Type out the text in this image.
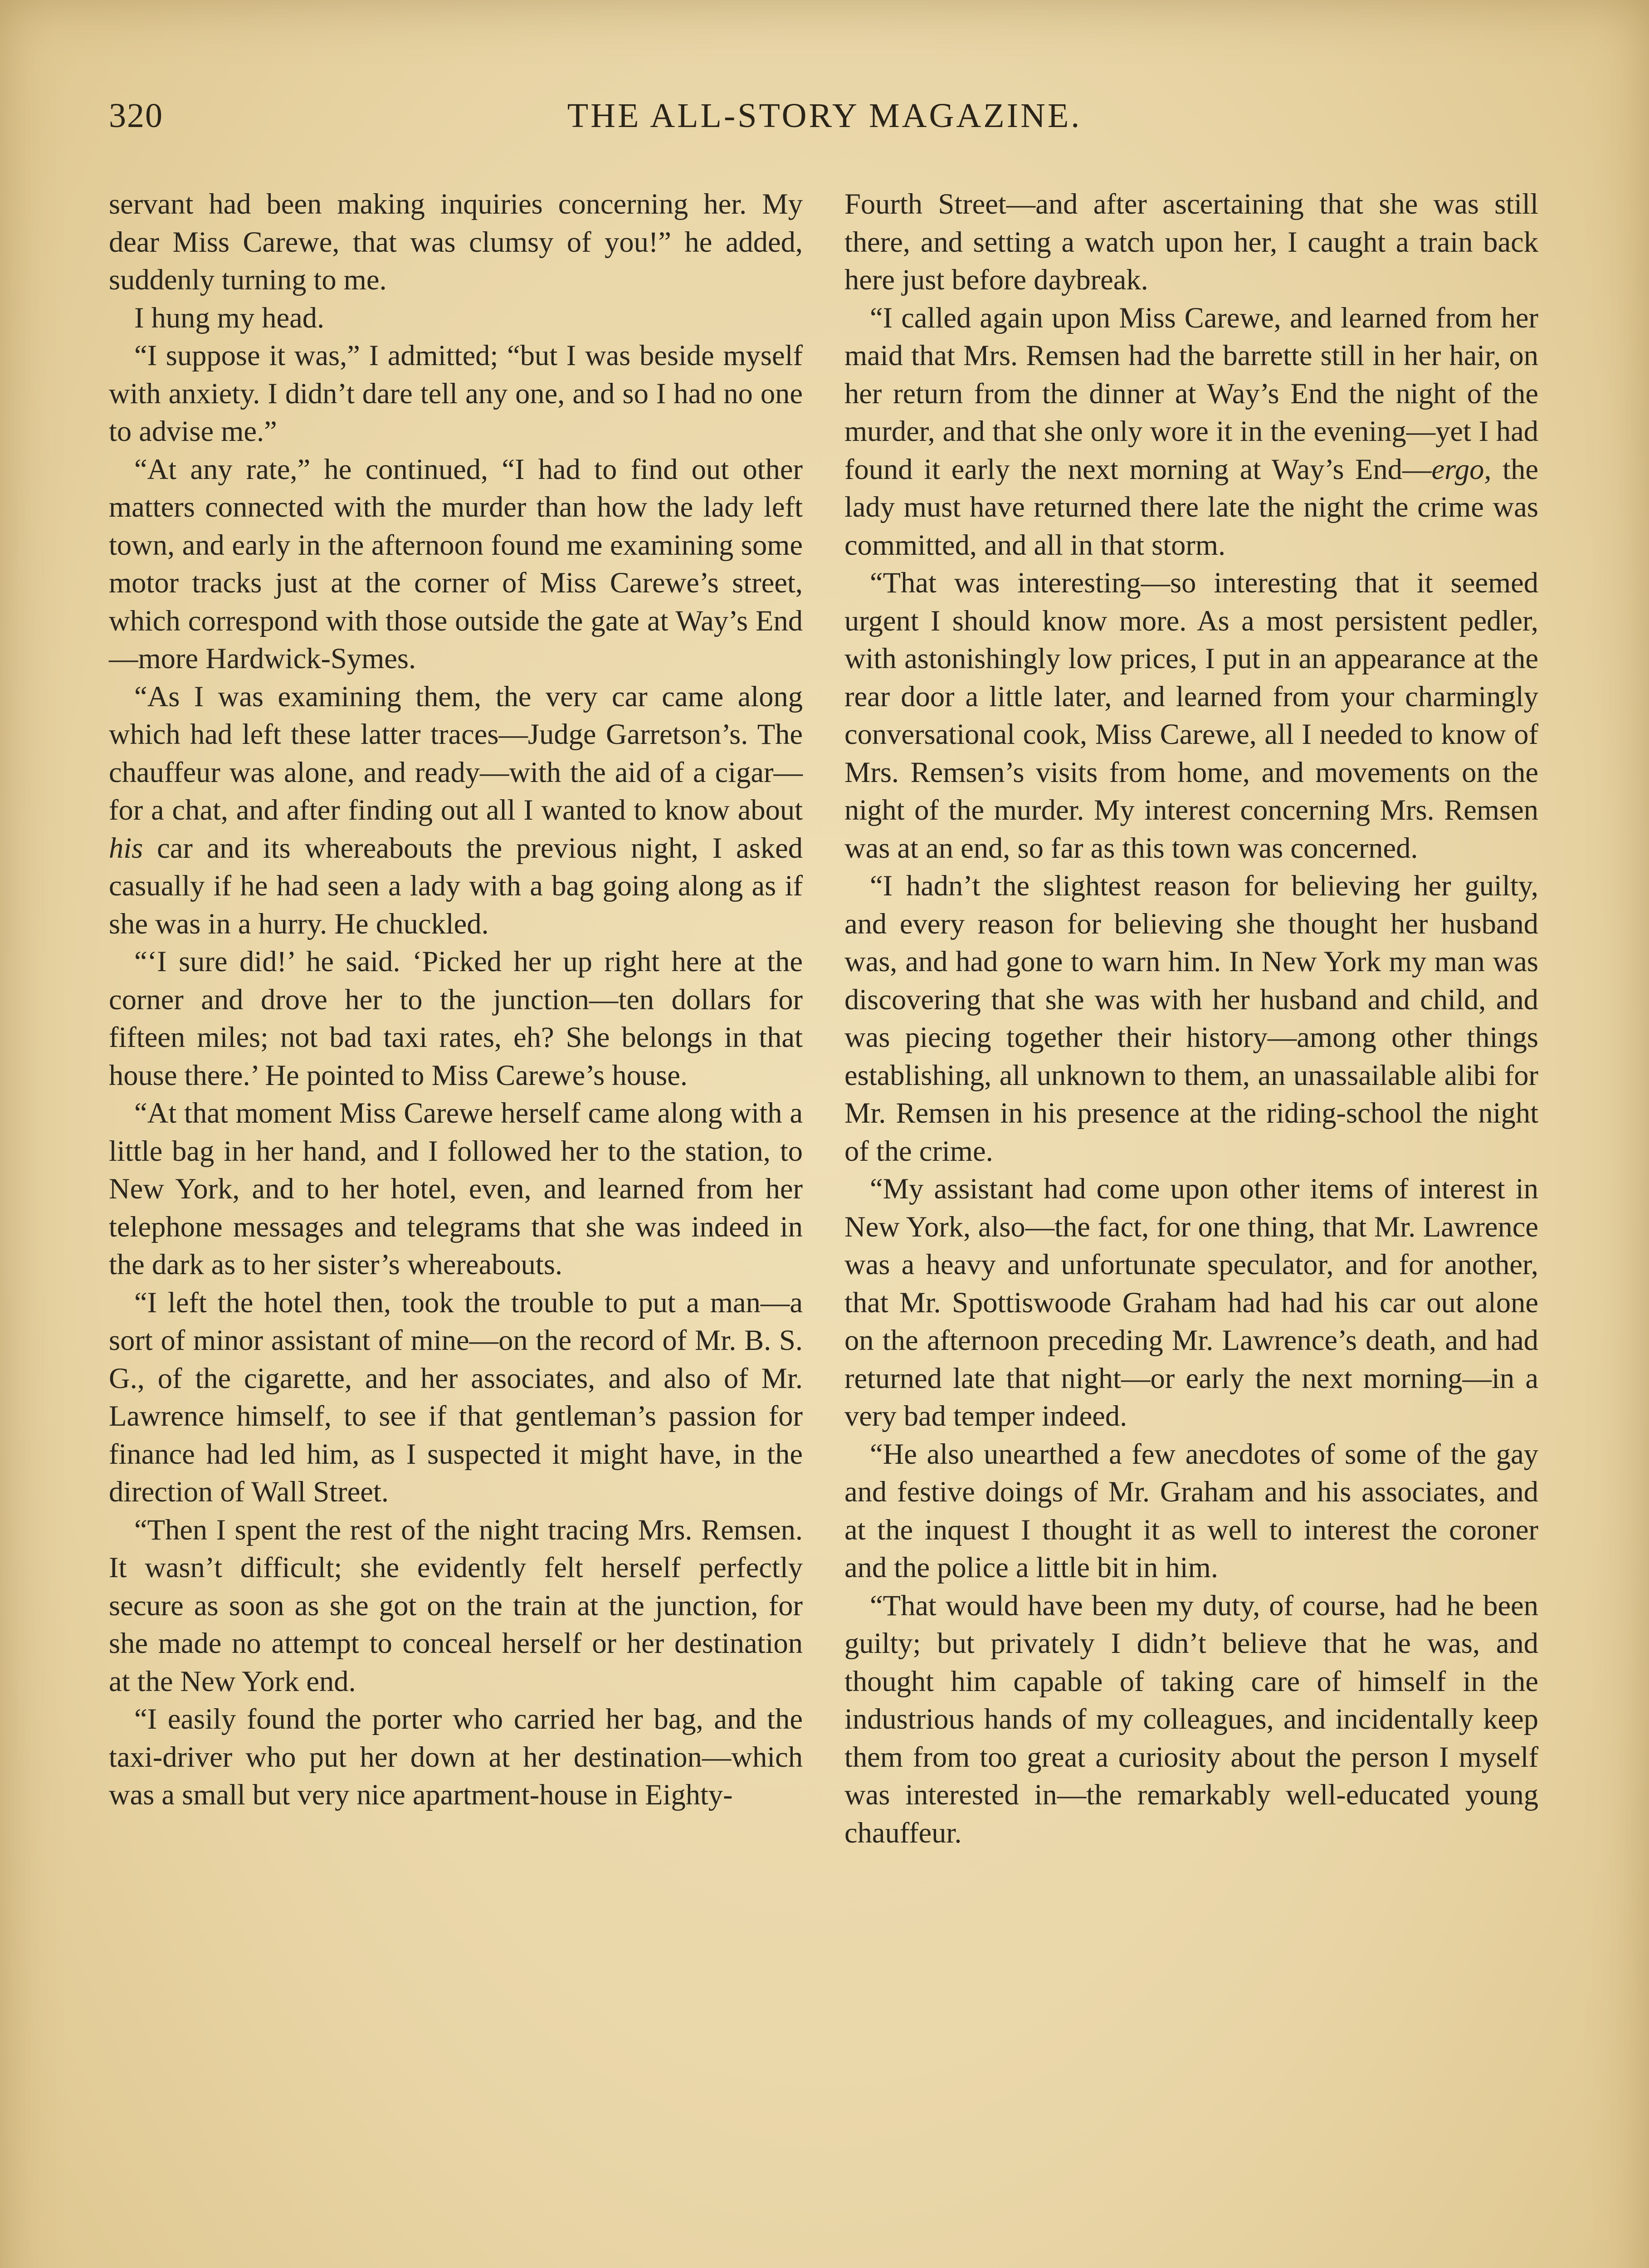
320	THE ALL-STORY MAGAZINE.

servant had been making inquiries concerning her. My dear Miss Carewe, that was clumsy of you!” he added, suddenly turning to me.

I hung my head.

“I suppose it was,” I admitted; “but I was beside myself with anxiety. I didn’t dare tell any one, and so I had no one to advise me.”

“At any rate,” he continued, “I had to find out other matters connected with the murder than how the lady left town, and early in the afternoon found me examining some motor tracks just at the corner of Miss Carewe’s street, which correspond with those outside the gate at Way’s End—more Hardwick-Symes.

“As I was examining them, the very car came along which had left these latter traces—Judge Garretson’s. The chauffeur was alone, and ready—with the aid of a cigar—for a chat, and after finding out all I wanted to know about his car and its whereabouts the previous night, I asked casually if he had seen a lady with a bag going along as if she was in a hurry. He chuckled.

“‘I sure did!’ he said. ‘Picked her up right here at the corner and drove her to the junction—ten dollars for fifteen miles; not bad taxi rates, eh? She belongs in that house there.’ He pointed to Miss Carewe’s house.

“At that moment Miss Carewe herself came along with a little bag in her hand, and I followed her to the station, to New York, and to her hotel, even, and learned from her telephone messages and telegrams that she was indeed in the dark as to her sister’s whereabouts.

“I left the hotel then, took the trouble to put a man—a sort of minor assistant of mine—on the record of Mr. B. S. G., of the cigarette, and her associates, and also of Mr. Lawrence himself, to see if that gentleman’s passion for finance had led him, as I suspected it might have, in the direction of Wall Street.

“Then I spent the rest of the night tracing Mrs. Remsen. It wasn’t difficult; she evidently felt herself perfectly secure as soon as she got on the train at the junction, for she made no attempt to conceal herself or her destination at the New York end.

“I easily found the porter who carried her bag, and the taxi-driver who put her down at her destination—which was a small but very nice apartment-house in Eighty-

Fourth Street—and after ascertaining that she was still there, and setting a watch upon her, I caught a train back here just before daybreak.

“I called again upon Miss Carewe, and learned from her maid that Mrs. Remsen had the barrette still in her hair, on her return from the dinner at Way’s End the night of the murder, and that she only wore it in the evening—yet I had found it early the next morning at Way’s End—ergo, the lady must have returned there late the night the crime was committed, and all in that storm.

“That was interesting—so interesting that it seemed urgent I should know more. As a most persistent pedler, with astonishingly low prices, I put in an appearance at the rear door a little later, and learned from your charmingly conversational cook, Miss Carewe, all I needed to know of Mrs. Remsen’s visits from home, and movements on the night of the murder. My interest concerning Mrs. Remsen was at an end, so far as this town was concerned.

“I hadn’t the slightest reason for believing her guilty, and every reason for believing she thought her husband was, and had gone to warn him. In New York my man was discovering that she was with her husband and child, and was piecing together their history—among other things establishing, all unknown to them, an unassailable alibi for Mr. Remsen in his presence at the riding-school the night of the crime.

“My assistant had come upon other items of interest in New York, also—the fact, for one thing, that Mr. Lawrence was a heavy and unfortunate speculator, and for another, that Mr. Spottiswoode Graham had had his car out alone on the afternoon preceding Mr. Lawrence’s death, and had returned late that night—or early the next morning—in a very bad temper indeed.

“He also unearthed a few anecdotes of some of the gay and festive doings of Mr. Graham and his associates, and at the inquest I thought it as well to interest the coroner and the police a little bit in him.

“That would have been my duty, of course, had he been guilty; but privately I didn’t believe that he was, and thought him capable of taking care of himself in the industrious hands of my colleagues, and incidentally keep them from too great a curiosity about the person I myself was interested in—the remarkably well-educated young chauffeur.
